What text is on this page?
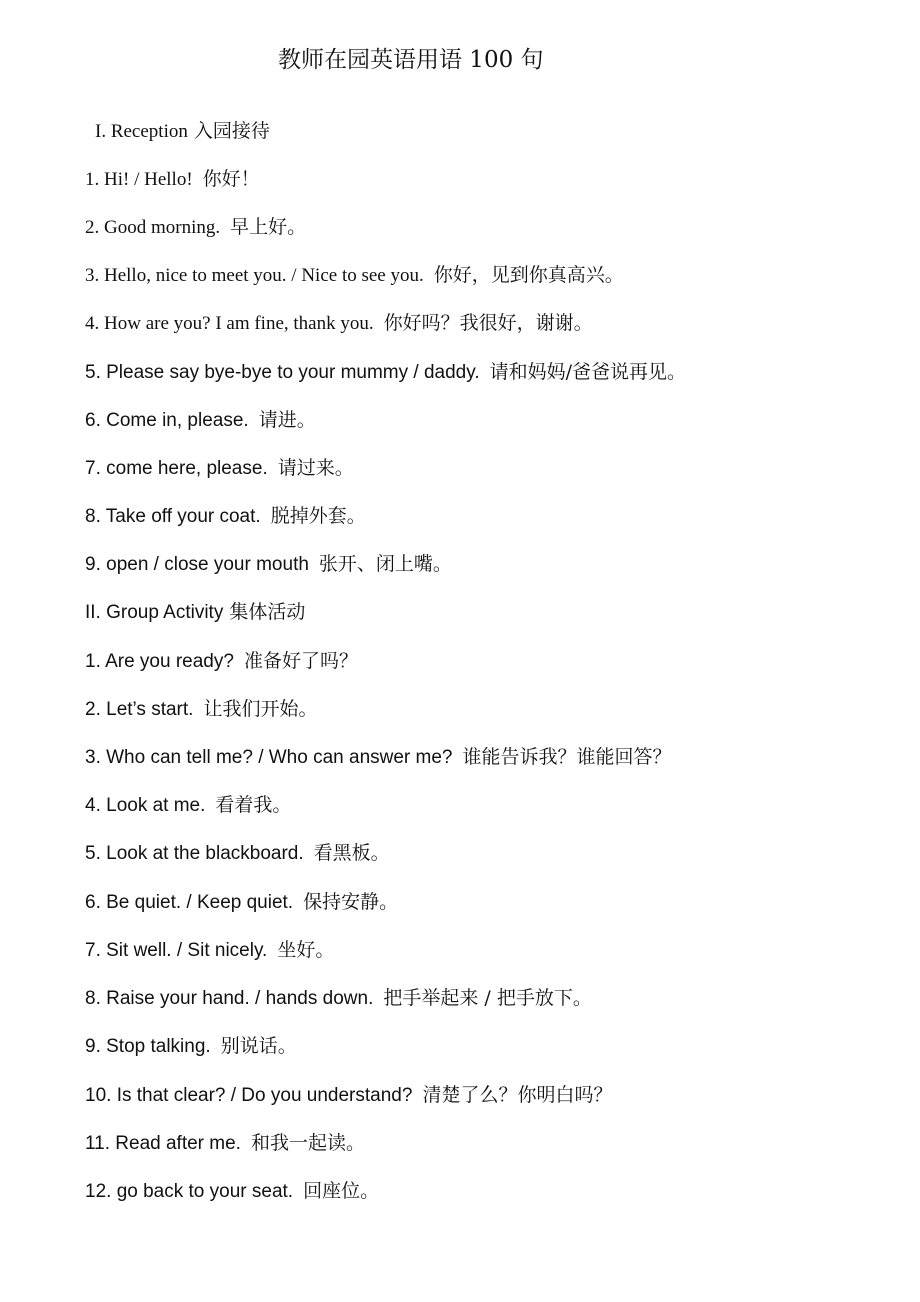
教师在园英语用语 100 句
I. Reception 入园接待
1. Hi! / Hello! 你好！
2. Good morning. 早上好。
3. Hello, nice to meet you. / Nice to see you. 你好，见到你真高兴。
4. How are you? I am fine, thank you. 你好吗？我很好，谢谢。
5. Please say bye-bye to your mummy / daddy. 请和妈妈/爸爸说再见。
6. Come in, please. 请进。
7. come here, please. 请过来。
8. Take off your coat. 脱掉外套。
9. open / close your mouth 张开、闭上嘴。
II. Group Activity 集体活动
1. Are you ready? 准备好了吗？
2. Let’s start. 让我们开始。
3. Who can tell me? / Who can answer me? 谁能告诉我？谁能回答？
4. Look at me. 看着我。
5. Look at the blackboard. 看黑板。
6. Be quiet. / Keep quiet. 保持安静。
7. Sit well. / Sit nicely. 坐好。
8. Raise your hand. / hands down. 把手举起来 / 把手放下。
9. Stop talking. 别说话。
10. Is that clear? / Do you understand? 清楚了么？你明白吗？
11. Read after me. 和我一起读。
12. go back to your seat. 回座位。
